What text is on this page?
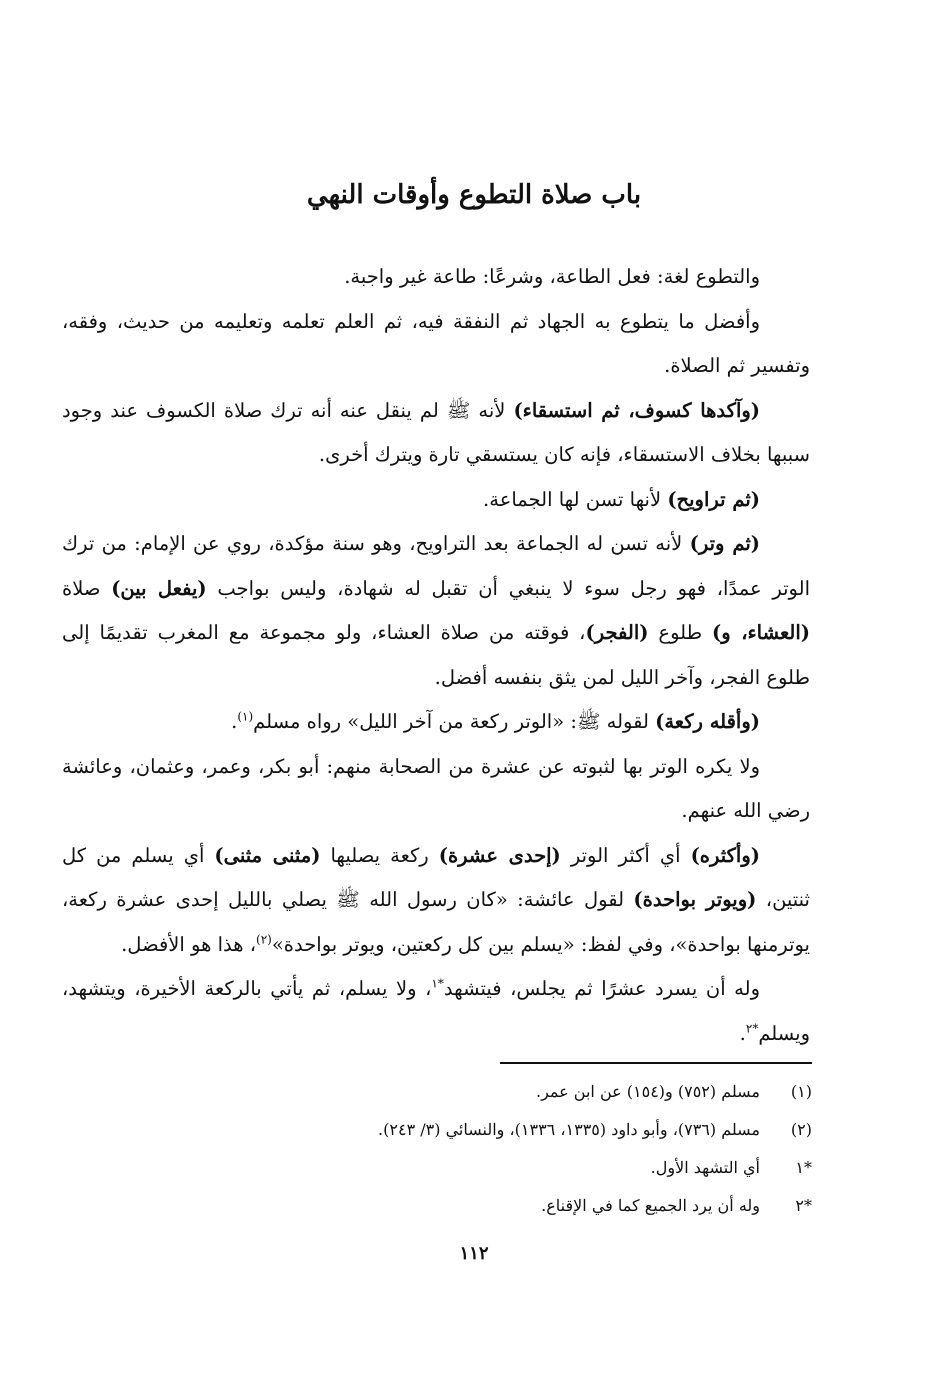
باب صلاة التطوع وأوقات النهي

والتطوع لغة: فعل الطاعة، وشرعًا: طاعة غير واجبة.

وأفضل ما يتطوع به الجهاد ثم النفقة فيه، ثم العلم تعلمه وتعليمه من حديث، وفقه، وتفسير ثم الصلاة.

(وآكدها كسوف، ثم استسقاء) لأنه ﷺ لم ينقل عنه أنه ترك صلاة الكسوف عند وجود سببها بخلاف الاستسقاء، فإنه كان يستسقي تارة ويترك أخرى.

(ثم تراويح) لأنها تسن لها الجماعة.

(ثم وتر) لأنه تسن له الجماعة بعد التراويح، وهو سنة مؤكدة، روي عن الإمام: من ترك الوتر عمدًا، فهو رجل سوء لا ينبغي أن تقبل له شهادة، وليس بواجب (يفعل بين) صلاة (العشاء، و) طلوع (الفجر)، فوقته من صلاة العشاء، ولو مجموعة مع المغرب تقديمًا إلى طلوع الفجر، وآخر الليل لمن يثق بنفسه أفضل.

(وأقله ركعة) لقوله ﷺ: «الوتر ركعة من آخر الليل» رواه مسلم$^{(١)}$.

ولا يكره الوتر بها لثبوته عن عشرة من الصحابة منهم: أبو بكر، وعمر، وعثمان، وعائشة رضي الله عنهم.

(وأكثره) أي أكثر الوتر (إحدى عشرة) ركعة يصليها (مثنى مثنى) أي يسلم من كل ثنتين، (ويوتر بواحدة) لقول عائشة: «كان رسول الله ﷺ يصلي بالليل إحدى عشرة ركعة، يوترمنها بواحدة»، وفي لفظ: «يسلم بين كل ركعتين، ويوتر بواحدة»$^{(٢)}$، هذا هو الأفضل.

وله أن يسرد عشرًا ثم يجلس، فيتشهد$^{*١}$، ولا يسلم، ثم يأتي بالركعة الأخيرة، ويتشهد، ويسلم$^{*٢}$.

(١)
مسلم (٧٥٢) و(١٥٤) عن ابن عمر.
(٢)
مسلم (٧٣٦)، وأبو داود (١٣٣٥، ١٣٣٦)، والنسائي (٣/ ٢٤٣).
*١
أي التشهد الأول.
*٢
وله أن يرد الجميع كما في الإقناع.
١١٢
